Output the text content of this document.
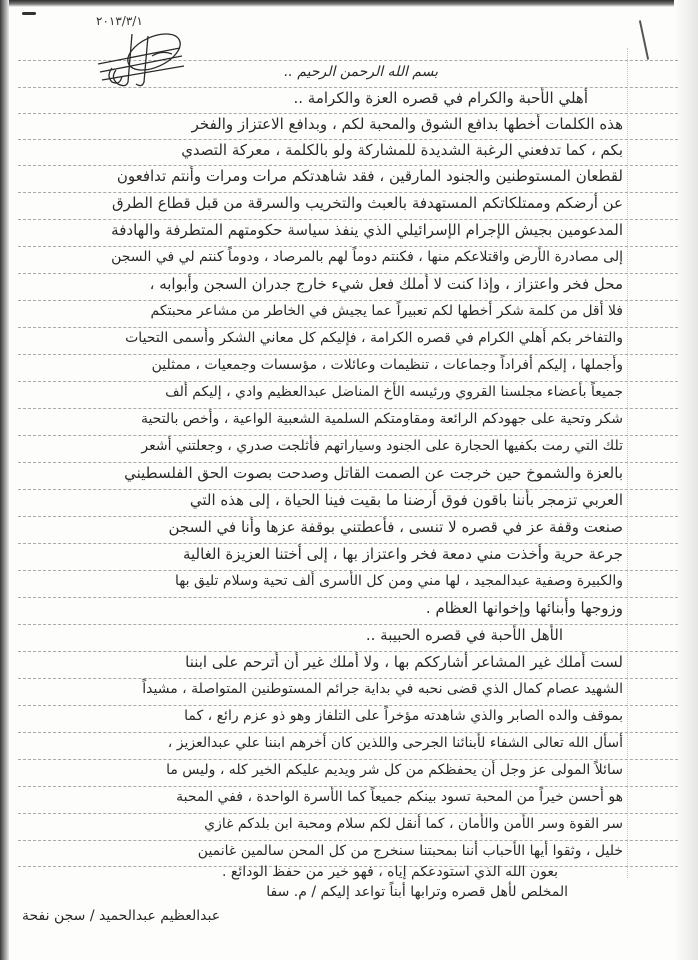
٢٠١٣/٣/١
بسم الله الرحمن الرحيم ..
أهلي الأحبة والكرام في قصره العزة والكرامة ..
هذه الكلمات أخطها بدافع الشوق والمحبة لكم ، وبدافع الاعتزاز والفخر
بكم ، كما تدفعني الرغبة الشديدة للمشاركة ولو بالكلمة ، معركة التصدي
لقطعان المستوطنين والجنود المارقين ، فقد شاهدتكم مرات ومرات وأنتم تدافعون
عن أرضكم وممتلكاتكم المستهدفة بالعبث والتخريب والسرقة من قبل قطاع الطرق
المدعومين بجيش الإجرام الإسرائيلي الذي ينفذ سياسة حكومتهم المتطرفة والهادفة
إلى مصادرة الأرض واقتلاعكم منها ، فكنتم دوماً لهم بالمرصاد ، ودوماً كنتم لي في السجن
محل فخر واعتزاز ، وإذا كنت لا أملك فعل شيء خارج جدران السجن وأبوابه ،
فلا أقل من كلمة شكر أخطها لكم تعبيراً عما يجيش في الخاطر من مشاعر محبتكم
والتفاخر بكم أهلي الكرام في قصره الكرامة ، فإليكم كل معاني الشكر وأسمى التحيات
وأجملها ، إليكم أفراداً وجماعات ، تنظيمات وعائلات ، مؤسسات وجمعيات ، ممثلين
جميعاً بأعضاء مجلسنا القروي ورئيسه الأخ المناضل عبدالعظيم وادي ، إليكم ألف
شكر وتحية على جهودكم الرائعة ومقاومتكم السلمية الشعبية الواعية ، وأخص بالتحية
تلك التي رمت بكفيها الحجارة على الجنود وسياراتهم فأثلجت صدري ، وجعلتني أشعر
بالعزة والشموخ حين خرجت عن الصمت القاتل وصدحت بصوت الحق الفلسطيني
العربي تزمجر بأننا باقون فوق أرضنا ما بقيت فينا الحياة ، إلى هذه التي
صنعت وقفة عز في قصره لا تنسى ، فأعطتني بوقفة عزها وأنا في السجن
جرعة حرية وأخذت مني دمعة فخر واعتزاز بها ، إلى أختنا العزيزة الغالية
والكبيرة وصفية عبدالمجيد ، لها مني ومن كل الأسرى ألف تحية وسلام تليق بها
وزوجها وأبنائها وإخوانها العظام .
الأهل الأحبة في قصره الحبيبة ..
لست أملك غير المشاعر أشارككم بها ، ولا أملك غير أن أترحم على ابننا
الشهيد عصام كمال الذي قضى نحبه في بداية جرائم المستوطنين المتواصلة ، مشيداً
بموقف والده الصابر والذي شاهدته مؤخراً على التلفاز وهو ذو عزم رائع ، كما
أسأل الله تعالى الشفاء لأبنائنا الجرحى واللذين كان أخرهم ابننا علي عبدالعزيز ،
سائلاً المولى عز وجل أن يحفظكم من كل شر ويديم عليكم الخير كله ، وليس ما
هو أحسن خيراً من المحبة تسود بينكم جميعاً كما الأسرة الواحدة ، ففي المحبة
سر القوة وسر الأمن والأمان ، كما أنقل لكم سلام ومحبة ابن بلدكم غازي
خليل ، وثقوا أيها الأحباب أننا بمحبتنا سنخرج من كل المحن سالمين غانمين
بعون الله الذي استودعكم إياه ، فهو خير من حفظ الودائع .
المخلص لأهل قصره وترابها أبناً تواعد إليكم / م. سفا
عبدالعظيم عبدالحميد / سجن نفحة
